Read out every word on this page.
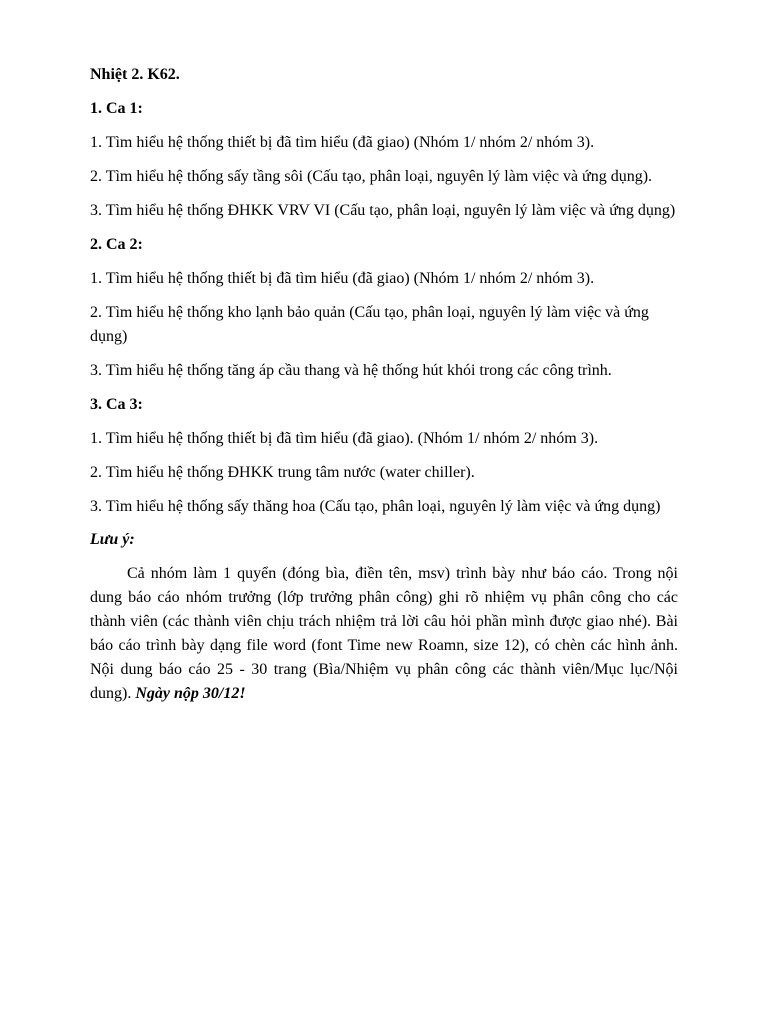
Nhiệt 2. K62.

1. Ca 1:

1. Tìm hiểu hệ thống thiết bị đã tìm hiểu (đã giao) (Nhóm 1/ nhóm 2/ nhóm 3).

2. Tìm hiểu hệ thống sấy tầng sôi (Cấu tạo, phân loại, nguyên lý làm việc và ứng dụng).

3. Tìm hiểu hệ thống ĐHKK VRV VI (Cấu tạo, phân loại, nguyên lý làm việc và ứng dụng)

2. Ca 2:

1. Tìm hiểu hệ thống thiết bị đã tìm hiểu (đã giao) (Nhóm 1/ nhóm 2/ nhóm 3).

2. Tìm hiểu hệ thống kho lạnh bảo quản (Cấu tạo, phân loại, nguyên lý làm việc và ứng dụng)

3. Tìm hiểu hệ thống tăng áp cầu thang và hệ thống hút khói trong các công trình.

3. Ca 3:

1. Tìm hiểu hệ thống thiết bị đã tìm hiểu (đã giao). (Nhóm 1/ nhóm 2/ nhóm 3).

2. Tìm hiểu hệ thống ĐHKK trung tâm nước (water chiller).

3. Tìm hiểu hệ thống sấy thăng hoa (Cấu tạo, phân loại, nguyên lý làm việc và ứng dụng)

Lưu ý:

Cả nhóm làm 1 quyển (đóng bìa, điền tên, msv) trình bày như báo cáo. Trong nội dung báo cáo nhóm trưởng (lớp trưởng phân công) ghi rõ nhiệm vụ phân công cho các thành viên (các thành viên chịu trách nhiệm trả lời câu hỏi phần mình được giao nhé). Bài báo cáo trình bày dạng file word (font Time new Roamn, size 12), có chèn các hình ảnh. Nội dung báo cáo 25 - 30 trang (Bìa/Nhiệm vụ phân công các thành viên/Mục lục/Nội dung). Ngày nộp 30/12!
